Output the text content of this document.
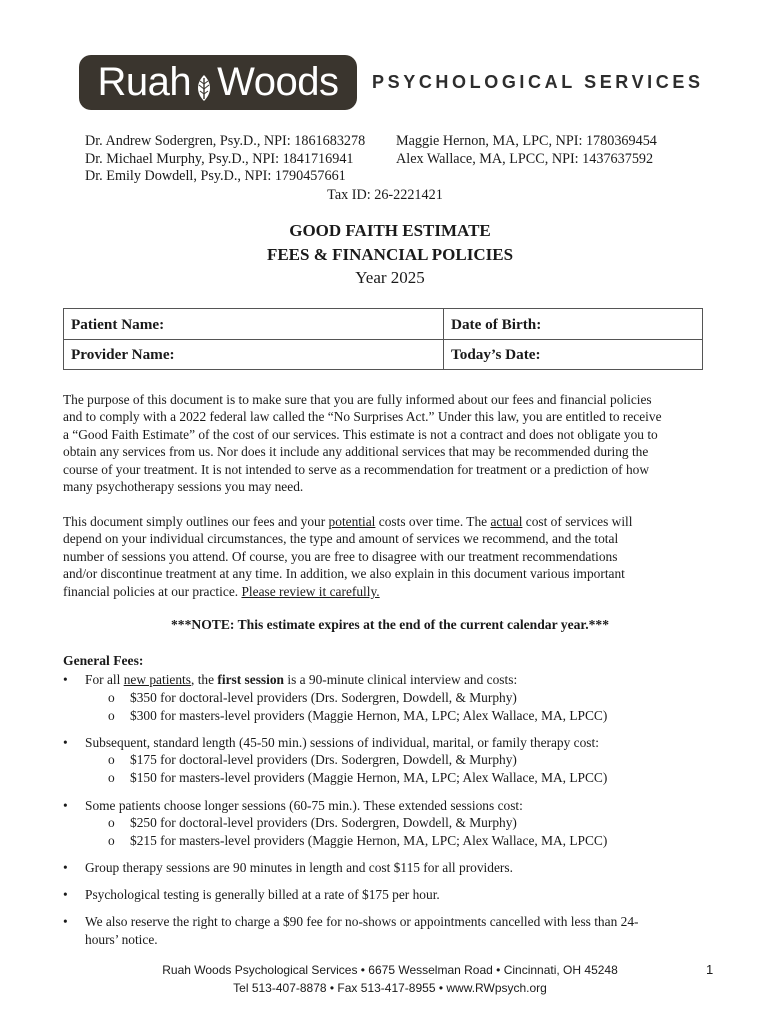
Ruah Woods PSYCHOLOGICAL SERVICES
Dr. Andrew Sodergren, Psy.D., NPI: 1861683278
Dr. Michael Murphy, Psy.D., NPI: 1841716941
Dr. Emily Dowdell, Psy.D., NPI: 1790457661
Maggie Hernon, MA, LPC, NPI: 1780369454
Alex Wallace, MA, LPCC, NPI: 1437637592
Tax ID: 26-2221421
GOOD FAITH ESTIMATE
FEES & FINANCIAL POLICIES
Year 2025
Patient Name:	Date of Birth:
Provider Name:	Today’s Date:
The purpose of this document is to make sure that you are fully informed about our fees and financial policies
and to comply with a 2022 federal law called the “No Surprises Act.” Under this law, you are entitled to receive
a “Good Faith Estimate” of the cost of our services. This estimate is not a contract and does not obligate you to
obtain any services from us. Nor does it include any additional services that may be recommended during the
course of your treatment. It is not intended to serve as a recommendation for treatment or a prediction of how
many psychotherapy sessions you may need.
This document simply outlines our fees and your potential costs over time. The actual cost of services will
depend on your individual circumstances, the type and amount of services we recommend, and the total
number of sessions you attend. Of course, you are free to disagree with our treatment recommendations
and/or discontinue treatment at any time. In addition, we also explain in this document various important
financial policies at our practice. Please review it carefully.
***NOTE: This estimate expires at the end of the current calendar year.***
General Fees:
•	For all new patients, the first session is a 90-minute clinical interview and costs:
o $350 for doctoral-level providers (Drs. Sodergren, Dowdell, & Murphy)
o $300 for masters-level providers (Maggie Hernon, MA, LPC; Alex Wallace, MA, LPCC)
•	Subsequent, standard length (45-50 min.) sessions of individual, marital, or family therapy cost:
o $175 for doctoral-level providers (Drs. Sodergren, Dowdell, & Murphy)
o $150 for masters-level providers (Maggie Hernon, MA, LPC; Alex Wallace, MA, LPCC)
•	Some patients choose longer sessions (60-75 min.). These extended sessions cost:
o $250 for doctoral-level providers (Drs. Sodergren, Dowdell, & Murphy)
o $215 for masters-level providers (Maggie Hernon, MA, LPC; Alex Wallace, MA, LPCC)
•	Group therapy sessions are 90 minutes in length and cost $115 for all providers.
•	Psychological testing is generally billed at a rate of $175 per hour.
•	We also reserve the right to charge a $90 fee for no-shows or appointments cancelled with less than 24-
hours’ notice.
Ruah Woods Psychological Services • 6675 Wesselman Road • Cincinnati, OH 45248
Tel 513-407-8878 • Fax 513-417-8955 • www.RWpsych.org
1
